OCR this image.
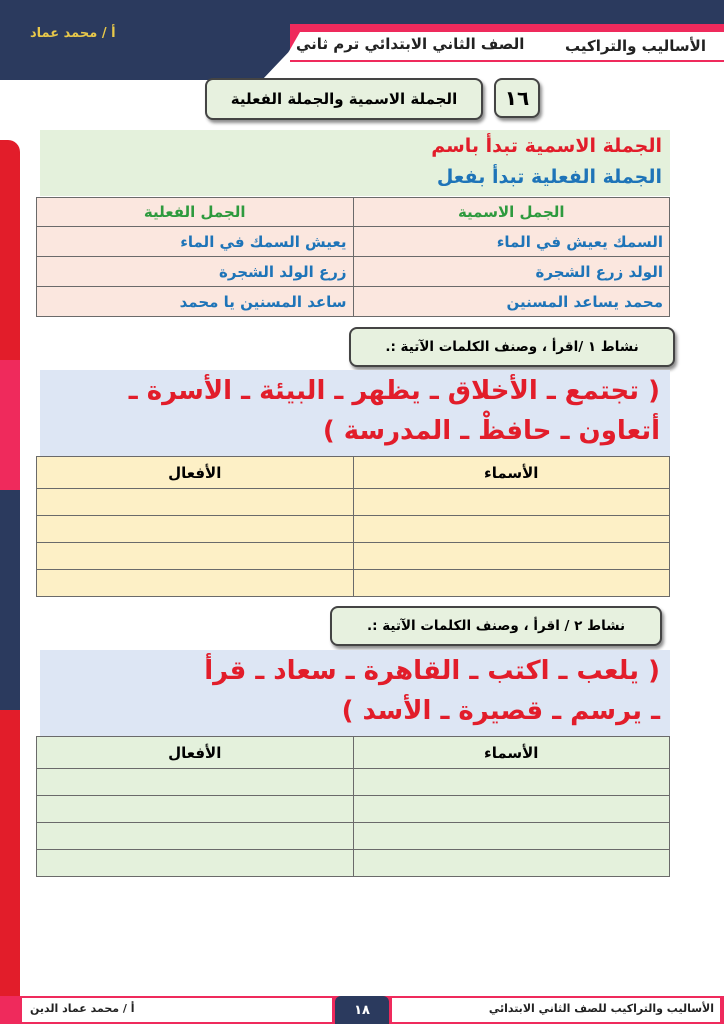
أ / محمد عماد
الصف الثاني الابتدائي ترم ثاني	الأساليب والتراكيب
١٦
الجملة الاسمية والجملة الفعلية
الجملة الاسمية تبدأ باسم
الجملة الفعلية تبدأ بفعل
الجمل الاسمية	الجمل الفعلية
السمك يعيش في الماء	يعيش السمك في الماء
الولد زرع الشجرة	زرع الولد الشجرة
محمد يساعد المسنين	ساعد المسنين يا محمد
نشاط ١ /اقرأ ، وصنف الكلمات الآتية :.
( تجتمع ـ الأخلاق ـ يظهر ـ البيئة ـ الأسرة ـ
أتعاون ـ حافظْ ـ المدرسة )
الأسماء	الأفعال

نشاط ٢ / اقرأ ، وصنف الكلمات الآتية :.
( يلعب ـ اكتب ـ القاهرة ـ سعاد ـ قرأ
ـ يرسم ـ قصيرة ـ الأسد )
الأسماء	الأفعال

١٨
أ / محمد عماد الدين	الأساليب والتراكيب للصف الثاني الابتدائي
